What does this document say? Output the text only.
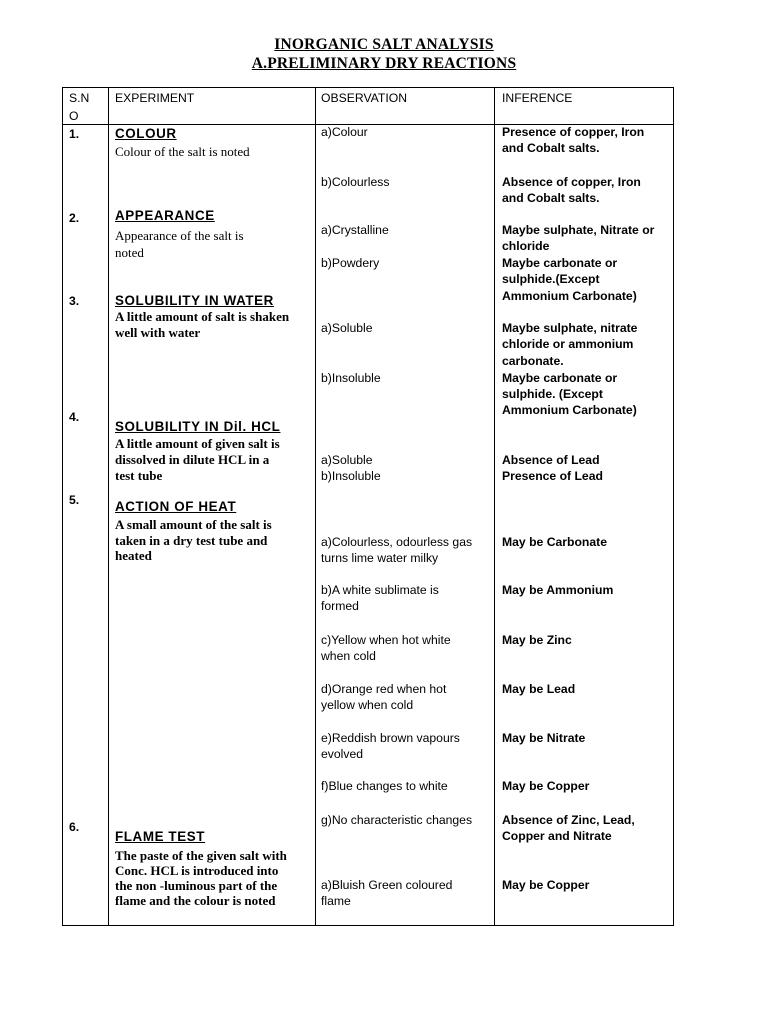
INORGANIC SALT ANALYSIS
A.PRELIMINARY DRY REACTIONS
S.N
O
EXPERIMENT	OBSERVATION	INFERENCE
1.
2.
3.
4.
5.
6.
COLOUR
Colour of the salt is noted
APPEARANCE
Appearance of the salt is
noted
SOLUBILITY IN WATER
A little amount of salt is shaken
well with water
SOLUBILITY IN Dil. HCL
A little amount of given salt is
dissolved in dilute HCL in a
test tube
ACTION OF HEAT
A small amount of the salt is
taken in a dry test tube and
heated
FLAME TEST
The paste of the given salt with
Conc. HCL is introduced into
the non -luminous part of the
flame and the colour is noted
a)Colour
b)Colourless
a)Crystalline
b)Powdery
a)Soluble
b)Insoluble
a)Soluble
b)Insoluble
a)Colourless, odourless gas
turns lime water milky
b)A white sublimate is
formed
c)Yellow when hot white
when cold
d)Orange red when hot
yellow when cold
e)Reddish brown vapours
evolved
f)Blue changes to white
g)No characteristic changes
a)Bluish Green coloured
flame
Presence of copper, Iron
and Cobalt salts.
Absence of copper, Iron
and Cobalt salts.
Maybe sulphate, Nitrate or
chloride
Maybe carbonate or
sulphide.(Except
Ammonium Carbonate)
Maybe sulphate, nitrate
chloride or ammonium
carbonate.
Maybe carbonate or
sulphide. (Except
Ammonium Carbonate)
Absence of Lead
Presence of Lead
May be Carbonate
May be Ammonium
May be Zinc
May be Lead
May be Nitrate
May be Copper
Absence of Zinc, Lead,
Copper and Nitrate
May be Copper
